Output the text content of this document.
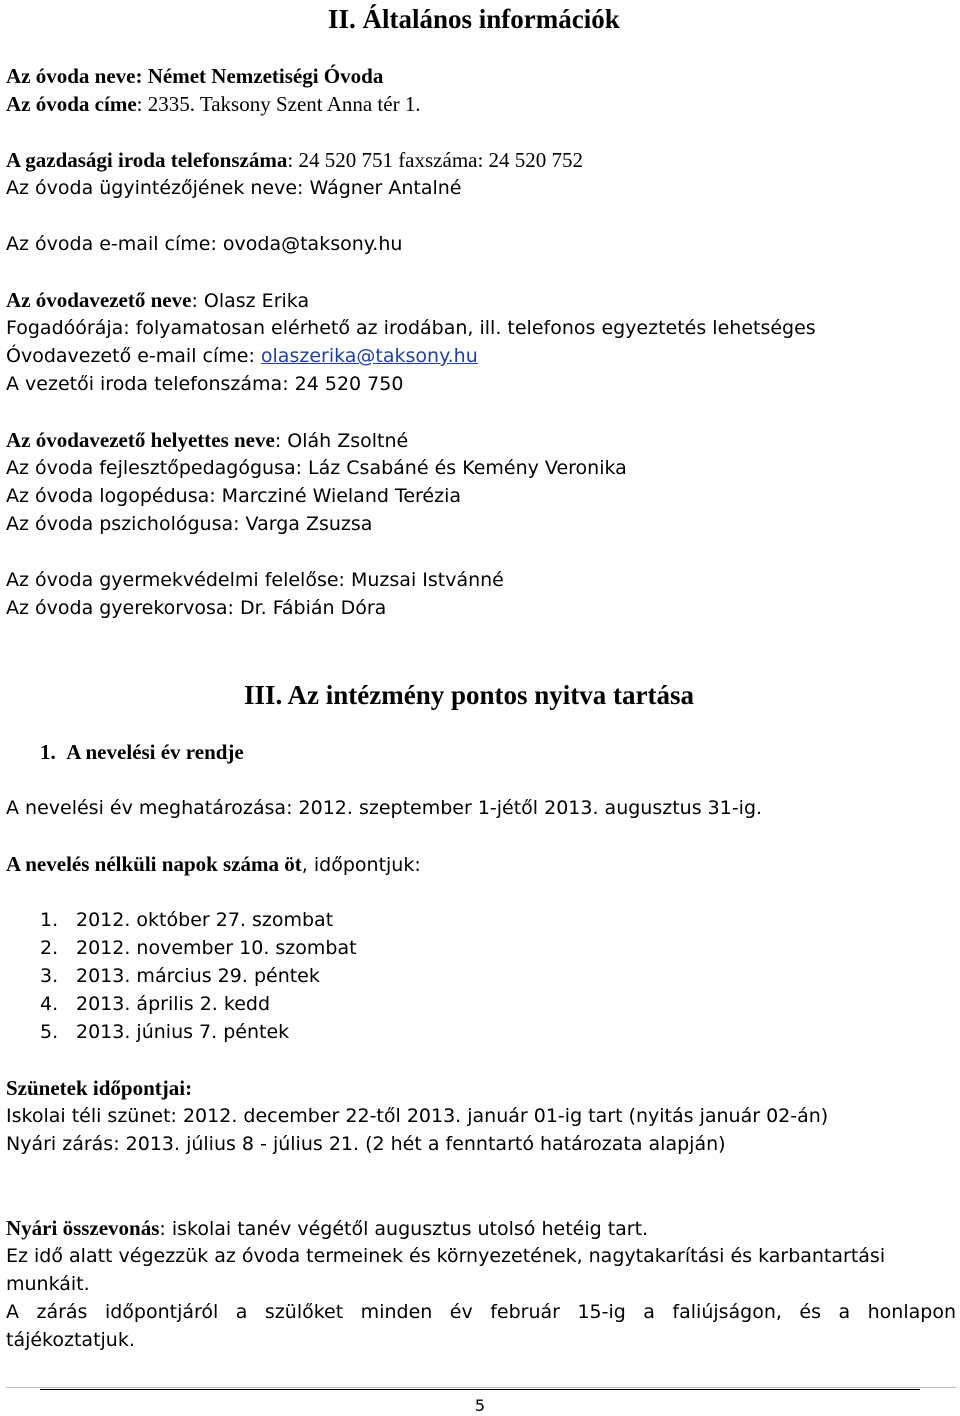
II. Általános információk
Az óvoda neve: Német Nemzetiségi Óvoda
Az óvoda címe: 2335. Taksony Szent Anna tér 1.
A gazdasági iroda telefonszáma: 24 520 751 faxszáma: 24 520 752
Az óvoda ügyintézőjének neve: Wágner Antalné
Az óvoda e-mail címe: ovoda@taksony.hu
Az óvodavezető neve: Olasz Erika
Fogadóórája: folyamatosan elérhető az irodában, ill. telefonos egyeztetés lehetséges
Óvodavezető e-mail címe: olaszerika@taksony.hu
A vezetői iroda telefonszáma: 24 520 750
Az óvodavezető helyettes neve: Oláh Zsoltné
Az óvoda fejlesztőpedagógusa: Láz Csabáné és Kemény Veronika
Az óvoda logopédusa: Marcziné Wieland Terézia
Az óvoda pszichológusa: Varga Zsuzsa
Az óvoda gyermekvédelmi felelőse: Muzsai Istvánné
Az óvoda gyerekorvosa: Dr. Fábián Dóra
III. Az intézmény pontos nyitva tartása
1. A nevelési év rendje
A nevelési év meghatározása: 2012. szeptember 1-jétől 2013. augusztus 31-ig.
A nevelés nélküli napok száma öt, időpontjuk:
1. 2012. október 27. szombat
2. 2012. november 10. szombat
3. 2013. március 29. péntek
4. 2013. április 2. kedd
5. 2013. június 7. péntek
Szünetek időpontjai:
Iskolai téli szünet: 2012. december 22-től 2013. január 01-ig tart (nyitás január 02-án)
Nyári zárás: 2013. július 8 - július 21. (2 hét a fenntartó határozata alapján)
Nyári összevonás: iskolai tanév végétől augusztus utolsó hetéig tart.
Ez idő alatt végezzük az óvoda termeinek és környezetének, nagytakarítási és karbantartási
munkáit.
A zárás időpontjáról a szülőket minden év február 15-ig a faliújságon, és a honlapon
tájékoztatjuk.
5
